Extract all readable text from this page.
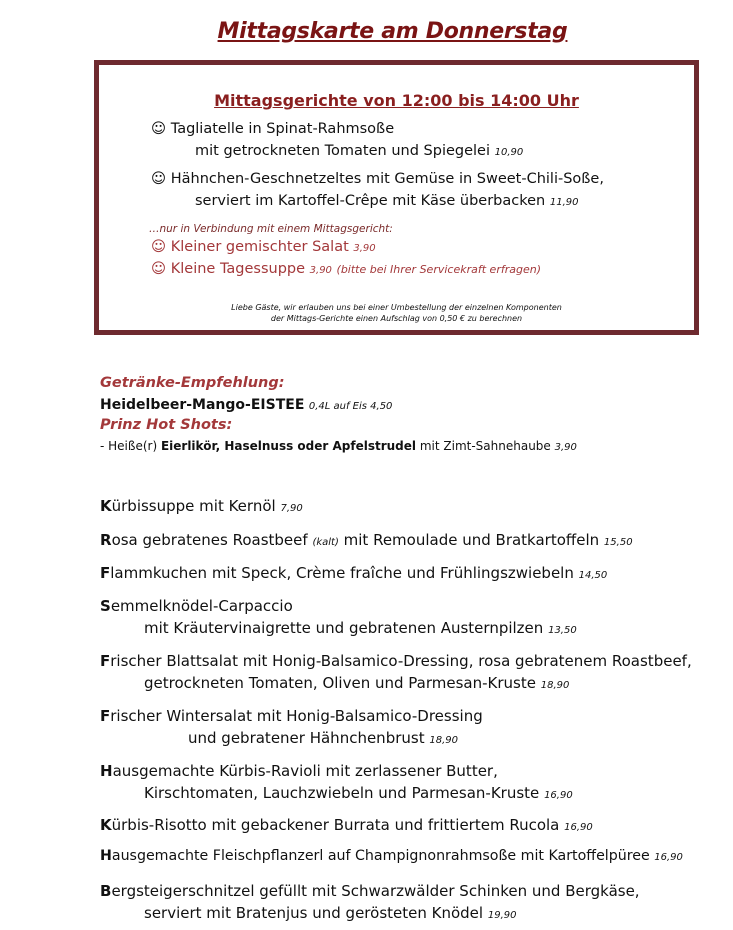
Mittagskarte am Donnerstag
Mittagsgerichte von 12:00 bis 14:00 Uhr
☺ Tagliatelle in Spinat-Rahmsoße
mit getrockneten Tomaten und Spiegelei 10,90
☺ Hähnchen-Geschnetzeltes mit Gemüse in Sweet-Chili-Soße,
serviert im Kartoffel-Crêpe mit Käse überbacken 11,90
…nur in Verbindung mit einem Mittagsgericht:
☺ Kleiner gemischter Salat 3,90
☺ Kleine Tagessuppe 3,90 (bitte bei Ihrer Servicekraft erfragen)
Liebe Gäste, wir erlauben uns bei einer Umbestellung der einzelnen Komponenten
der Mittags-Gerichte einen Aufschlag von 0,50 € zu berechnen
Getränke-Empfehlung:
Heidelbeer-Mango-EISTEE 0,4L auf Eis 4,50
Prinz Hot Shots:
- Heiße(r) Eierlikör, Haselnuss oder Apfelstrudel mit Zimt-Sahnehaube 3,90
Kürbissuppe mit Kernöl 7,90
Rosa gebratenes Roastbeef (kalt) mit Remoulade und Bratkartoffeln 15,50
Flammkuchen mit Speck, Crème fraîche und Frühlingszwiebeln 14,50
Semmelknödel-Carpaccio
mit Kräutervinaigrette und gebratenen Austernpilzen 13,50
Frischer Blattsalat mit Honig-Balsamico-Dressing, rosa gebratenem Roastbeef,
getrockneten Tomaten, Oliven und Parmesan-Kruste 18,90
Frischer Wintersalat mit Honig-Balsamico-Dressing
und gebratener Hähnchenbrust 18,90
Hausgemachte Kürbis-Ravioli mit zerlassener Butter,
Kirschtomaten, Lauchzwiebeln und Parmesan-Kruste 16,90
Kürbis-Risotto mit gebackener Burrata und frittiertem Rucola 16,90
Hausgemachte Fleischpflanzerl auf Champignonrahmsoße mit Kartoffelpüree 16,90
Bergsteigerschnitzel gefüllt mit Schwarzwälder Schinken und Bergkäse,
serviert mit Bratenjus und gerösteten Knödel 19,90
